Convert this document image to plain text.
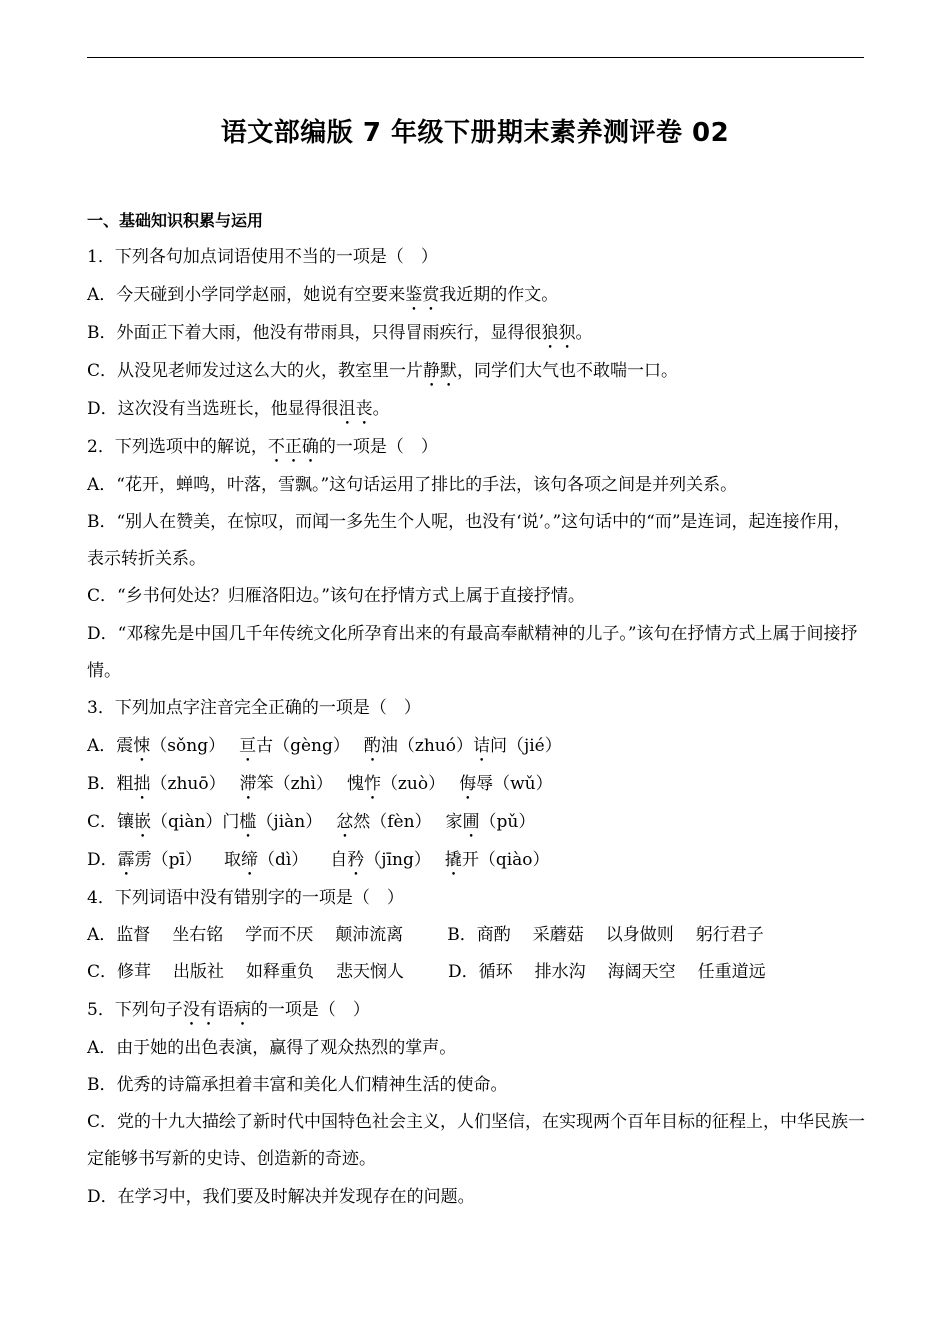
语文部编版 7 年级下册期末素养测评卷 02
一、基础知识积累与运用
1．下列各句加点词语使用不当的一项是（　）
A．今天碰到小学同学赵丽，她说有空要来鉴赏我近期的作文。
B．外面正下着大雨，他没有带雨具，只得冒雨疾行，显得很狼狈。
C．从没见老师发过这么大的火，教室里一片静默，同学们大气也不敢喘一口。
D．这次没有当选班长，他显得很沮丧。
2．下列选项中的解说，不正确的一项是（　）
A．“花开，蝉鸣，叶落，雪飘。”这句话运用了排比的手法，该句各项之间是并列关系。
B．“别人在赞美，在惊叹，而闻一多先生个人呢，也没有‘说’。”这句话中的“而”是连词，起连接作用，表示转折关系。
C．“乡书何处达？归雁洛阳边。”该句在抒情方式上属于直接抒情。
D．“邓稼先是中国几千年传统文化所孕育出来的有最高奉献精神的儿子。”该句在抒情方式上属于间接抒情。
3．下列加点字注音完全正确的一项是（　）
A．震悚（sǒng） 亘古（gèng） 酌油（zhuó）诘问（jié）
B．粗拙（zhuō） 滞笨（zhì） 愧怍（zuò） 侮辱（wǔ）
C．镶嵌（qiàn）门槛（jiàn） 忿然（fèn） 家圃（pǔ）
D．霹雳（pī） 取缔（dì） 自矜（jīng） 撬开（qiào）
4．下列词语中没有错别字的一项是（　）
A．监督 坐右铭 学而不厌 颠沛流离	B．商酌 采蘑菇 以身做则 躬行君子
C．修茸 出版社 如释重负 悲天悯人	D．循环 排水沟 海阔天空 任重道远
5．下列句子没有语病的一项是（　）
A．由于她的出色表演，赢得了观众热烈的掌声。
B．优秀的诗篇承担着丰富和美化人们精神生活的使命。
C．党的十九大描绘了新时代中国特色社会主义，人们坚信，在实现两个百年目标的征程上，中华民族一定能够书写新的史诗、创造新的奇迹。
D．在学习中，我们要及时解决并发现存在的问题。
